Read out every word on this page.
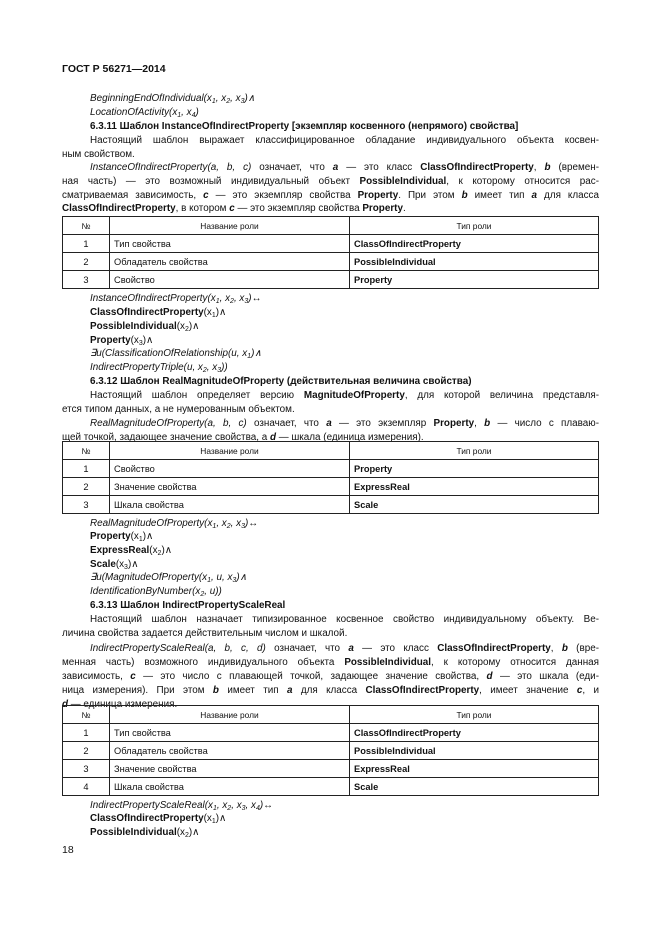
ГОСТ Р 56271—2014
$BeginningEndOfIndividual(x_1$, $x_2$, $x_3)\wedge$
$LocationOfActivity(x_1$, $x_4$)
6.3.11 Шаблон InstanceOfIndirectProperty [экземпляр косвенного (непрямого) свойства]
Настоящий шаблон выражает классифицированное обладание индивидуального объекта косвен-
ным свойством.
InstanceOfIndirectProperty(a, b, c) означает, что a — это класс ClassOfIndirectProperty, b (времен-
ная часть) — это возможный индивидуальный объект PossibleIndividual, к которому относится рас-
сматриваемая зависимость, c — это экземпляр свойства Property. При этом b имеет тип a для класса
ClassOfIndirectProperty, в котором c — это экземпляр свойства Property.
№	Название роли	Тип роли
1	Тип свойства	ClassOfIndirectProperty
2	Обладатель свойства	PossibleIndividual
3	Свойство	Property
$InstanceOfIndirectProperty(x_1$, $x_2$, $x_3)\leftrightarrow$
$ClassOfIndirectProperty(x_1)\wedge$
$PossibleIndividual(x_2)\wedge$
$Property(x_3)\wedge$
∃u(ClassificationOfRelationship(u, $x_1)\wedge$
IndirectPropertyTriple(u, $x_2$, $x_3$))
6.3.12 Шаблон RealMagnitudeOfProperty (действительная величина свойства)
Настоящий шаблон определяет версию MagnitudeOfProperty, для которой величина представля-
ется типом данных, а не нумерованным объектом.
RealMagnitudeOfProperty(a, b, c) означает, что a — это экземпляр Property, b — число с плаваю-
щей точкой, задающее значение свойства, а d — шкала (единица измерения).
№	Название роли	Тип роли
1	Свойство	Property
2	Значение свойства	ExpressReal
3	Шкала свойства	Scale
$RealMagnitudeOfProperty(x_1$, $x_2$, $x_3)\leftrightarrow$
$Property(x_1)\wedge$
$ExpressReal(x_2)\wedge$
$Scale(x_3)\wedge$
$\exists u(MagnitudeOfProperty(x_1$, u, $x_3)\wedge$
$IdentificationByNumber(x_2$, u))
6.3.13 Шаблон IndirectPropertyScaleReal
Настоящий шаблон назначает типизированное косвенное свойство индивидуальному объекту. Ве-
личина свойства задается действительным числом и шкалой.
IndirectPropertyScaleReal(a, b, c, d) означает, что a — это класс ClassOfIndirectProperty, b (вре-
менная часть) возможного индивидуального объекта PossibleIndividual, к которому относится данная
зависимость, c — это число с плавающей точкой, задающее значение свойства, d — это шкала (еди-
ница измерения). При этом b имеет тип a для класса ClassOfIndirectProperty, имеет значение c, и
d — единица измерения.
№	Название роли	Тип роли
1	Тип свойства	ClassOfIndirectProperty
2	Обладатель свойства	PossibleIndividual
3	Значение свойства	ExpressReal
4	Шкала свойства	Scale
$IndirectPropertyScaleReal(x_1$, $x_2$, $x_3$, $x_4)\leftrightarrow$
$ClassOfIndirectProperty(x_1)\wedge$
$PossibleIndividual(x_2)\wedge$
18
